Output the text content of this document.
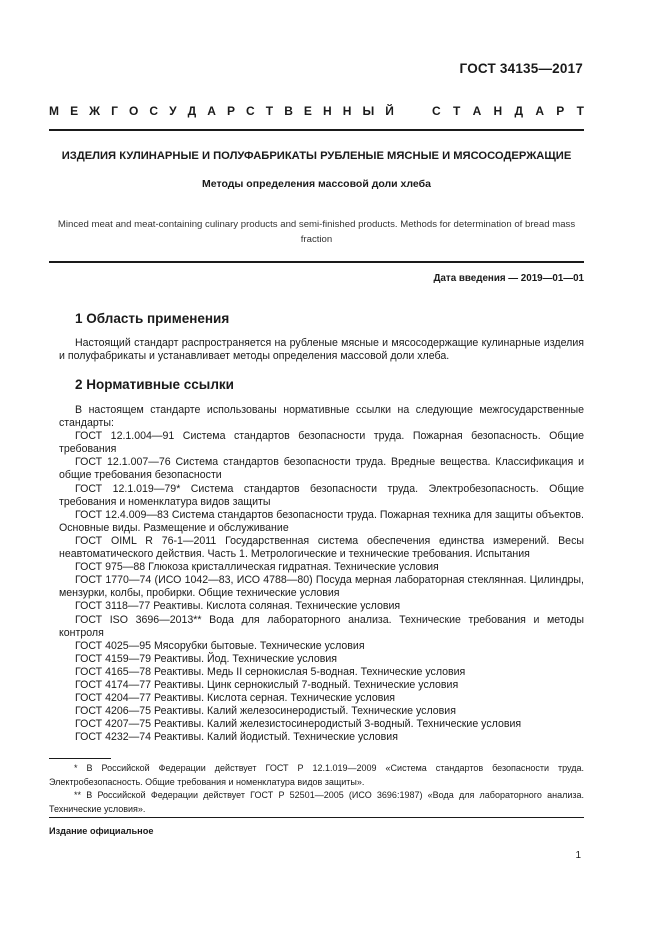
ГОСТ 34135—2017
М Е Ж Г О С У Д А Р С Т В Е Н Н Ы Й	С Т А Н Д А Р Т
ИЗДЕЛИЯ КУЛИНАРНЫЕ И ПОЛУФАБРИКАТЫ РУБЛЕНЫЕ МЯСНЫЕ И МЯСОСОДЕРЖАЩИЕ
Методы определения массовой доли хлеба
Minced meat and meat-containing culinary products and semi-finished products. Methods for determination of bread mass
fraction
Дата введения — 2019—01—01
1 Область применения

Настоящий стандарт распространяется на рубленые мясные и мясосодержащие кулинарные изделия и полуфабрикаты и устанавливает методы определения массовой доли хлеба.

2 Нормативные ссылки

В настоящем стандарте использованы нормативные ссылки на следующие межгосударственные стандарты:

ГОСТ 12.1.004—91 Система стандартов безопасности труда. Пожарная безопасность. Общие требования

ГОСТ 12.1.007—76 Система стандартов безопасности труда. Вредные вещества. Классификация и общие требования безопасности

ГОСТ 12.1.019—79* Система стандартов безопасности труда. Электробезопасность. Общие требования и номенклатура видов защиты

ГОСТ 12.4.009—83 Система стандартов безопасности труда. Пожарная техника для защиты объектов. Основные виды. Размещение и обслуживание

ГОСТ OIML R 76-1—2011 Государственная система обеспечения единства измерений. Весы неавтоматического действия. Часть 1. Метрологические и технические требования. Испытания

ГОСТ 975—88 Глюкоза кристаллическая гидратная. Технические условия

ГОСТ 1770—74 (ИСО 1042—83, ИСО 4788—80) Посуда мерная лабораторная стеклянная. Цилиндры, мензурки, колбы, пробирки. Общие технические условия

ГОСТ 3118—77 Реактивы. Кислота соляная. Технические условия

ГОСТ ISO 3696—2013** Вода для лабораторного анализа. Технические требования и методы контроля

ГОСТ 4025—95 Мясорубки бытовые. Технические условия

ГОСТ 4159—79 Реактивы. Йод. Технические условия

ГОСТ 4165—78 Реактивы. Медь II сернокислая 5-водная. Технические условия

ГОСТ 4174—77 Реактивы. Цинк сернокислый 7-водный. Технические условия

ГОСТ 4204—77 Реактивы. Кислота серная. Технические условия

ГОСТ 4206—75 Реактивы. Калий железосинеродистый. Технические условия

ГОСТ 4207—75 Реактивы. Калий железистосинеродистый 3-водный. Технические условия

ГОСТ 4232—74 Реактивы. Калий йодистый. Технические условия

* В Российской Федерации действует ГОСТ Р 12.1.019—2009 «Система стандартов безопасности труда. Электробезопасность. Общие требования и номенклатура видов защиты».

** В Российской Федерации действует ГОСТ Р 52501—2005 (ИСО 3696:1987) «Вода для лабораторного анализа. Технические условия».

Издание официальное
1
